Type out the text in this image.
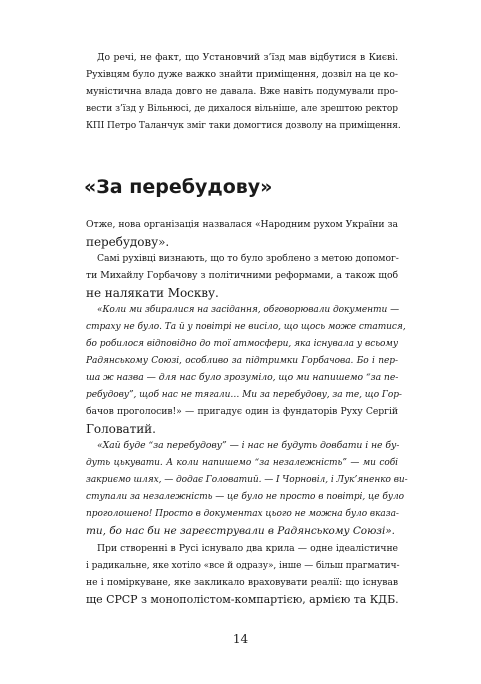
До речі, не факт, що Установчий з’їзд мав відбутися в Києві.
Рухівцям було дуже важко знайти приміщення, дозвіл на це ко-
муністична влада довго не давала. Вже навіть подумували про-
вести з’їзд у Вільнюсі, де дихалося вільніше, але зрештою ректор
КПІ Петро Таланчук зміг таки домогтися дозволу на приміщення.
«За перебудову»
Отже, нова організація назвалася «Народним рухом України за
перебудову».
Самі рухівці визнають, що то було зроблено з метою допомог-
ти Михайлу Горбачову з політичними реформами, а також щоб
не налякати Москву.
«Коли ми збиралися на засідання, обговорювали документи —
страху не було. Та й у повітрі не висіло, що щось може статися,
бо робилося відповідно до тої атмосфери, яка існувала у всьому
Радянському Союзі, особливо за підтримки Горбачова. Бо і пер-
ша ж назва — для нас було зрозуміло, що ми напишемо “за пе-
ребудову”, щоб нас не тягали… Ми за перебудову, за те, що Гор-
бачов проголосив!» — пригадує один із фундаторів Руху Сергій
Головатий.
«Хай буде “за перебудову” — і нас не будуть довбати і не бу-
дуть цькувати. А коли напишемо “за незалежність” — ми собі
закриємо шлях, — додає Головатий. — І Чорновіл, і Лук’яненко ви-
ступали за незалежність — це було не просто в повітрі, це було
проголошено! Просто в документах цього не можна було вказа-
ти, бо нас би не зареєстрували в Радянському Союзі».
При створенні в Русі існувало два крила — одне ідеалістичне
і радикальне, яке хотіло «все й одразу», інше — більш прагматич-
не і поміркуване, яке закликало враховувати реалії: що існував
ще СРСР з монополістом-компартією, армією та КДБ.
14
